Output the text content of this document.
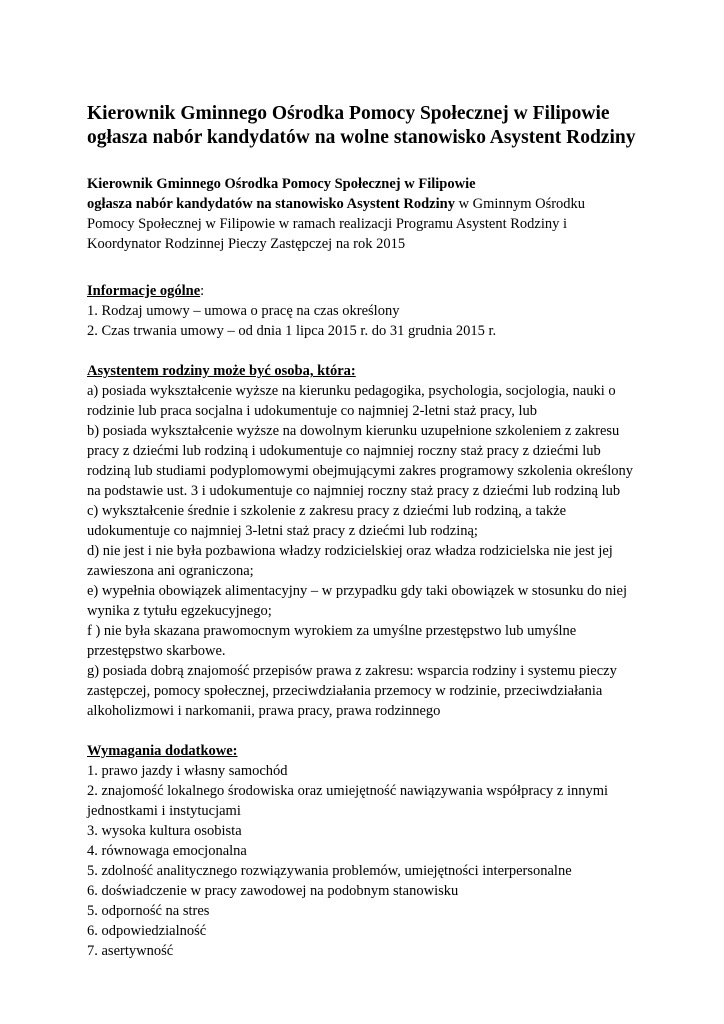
Kierownik Gminnego Ośrodka Pomocy Społecznej w Filipowie
ogłasza nabór kandydatów na wolne stanowisko Asystent Rodziny
Kierownik Gminnego Ośrodka Pomocy Społecznej w Filipowie
ogłasza nabór kandydatów na stanowisko Asystent Rodziny w Gminnym Ośrodku
Pomocy Społecznej w Filipowie w ramach realizacji Programu Asystent Rodziny i
Koordynator Rodzinnej Pieczy Zastępczej na rok 2015
Informacje ogólne:
1. Rodzaj umowy – umowa o pracę na czas określony
2. Czas trwania umowy – od dnia 1 lipca 2015 r. do 31 grudnia 2015 r.
Asystentem rodziny może być osoba, która:
a) posiada wykształcenie wyższe na kierunku pedagogika, psychologia, socjologia, nauki o
rodzinie lub praca socjalna i udokumentuje co najmniej 2-letni staż pracy, lub
b) posiada wykształcenie wyższe na dowolnym kierunku uzupełnione szkoleniem z zakresu
pracy z dziećmi lub rodziną i udokumentuje co najmniej roczny staż pracy z dziećmi lub
rodziną lub studiami podyplomowymi obejmującymi zakres programowy szkolenia określony
na podstawie ust. 3 i udokumentuje co najmniej roczny staż pracy z dziećmi lub rodziną lub
c) wykształcenie średnie i szkolenie z zakresu pracy z dziećmi lub rodziną, a także
udokumentuje co najmniej 3-letni staż pracy z dziećmi lub rodziną;
d) nie jest i nie była pozbawiona władzy rodzicielskiej oraz władza rodzicielska nie jest jej
zawieszona ani ograniczona;
e) wypełnia obowiązek alimentacyjny – w przypadku gdy taki obowiązek w stosunku do niej
wynika z tytułu egzekucyjnego;
f ) nie była skazana prawomocnym wyrokiem za umyślne przestępstwo lub umyślne
przestępstwo skarbowe.
g) posiada dobrą znajomość przepisów prawa z zakresu: wsparcia rodziny i systemu pieczy
zastępczej, pomocy społecznej, przeciwdziałania przemocy w rodzinie, przeciwdziałania
alkoholizmowi i narkomanii, prawa pracy, prawa rodzinnego
Wymagania dodatkowe:
1. prawo jazdy i własny samochód
2. znajomość lokalnego środowiska oraz umiejętność nawiązywania współpracy z innymi
jednostkami i instytucjami
3. wysoka kultura osobista
4. równowaga emocjonalna
5. zdolność analitycznego rozwiązywania problemów, umiejętności interpersonalne
6. doświadczenie w pracy zawodowej na podobnym stanowisku
5. odporność na stres
6. odpowiedzialność
7. asertywność
